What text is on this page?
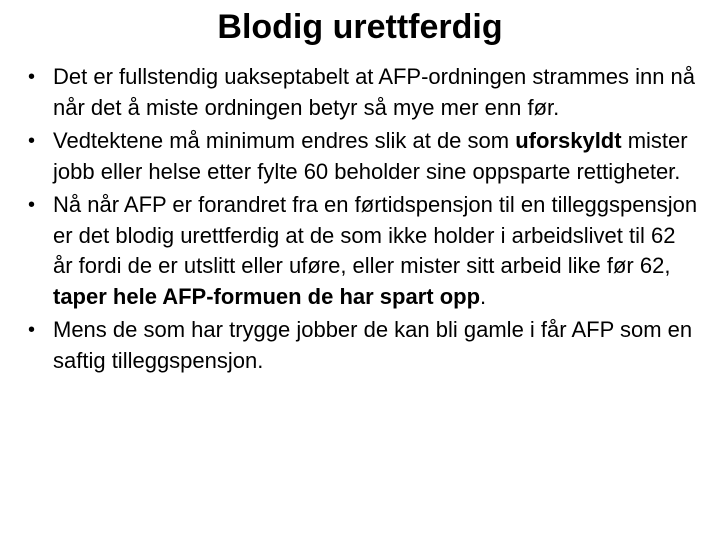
Blodig urettferdig
• Det er fullstendig uakseptabelt at AFP-ordningen strammes inn nå når det å miste ordningen betyr så mye mer enn før.
• Vedtektene må minimum endres slik at de som uforskyldt mister jobb eller helse etter fylte 60 beholder sine oppsparte rettigheter.
• Nå når AFP er forandret fra en førtidspensjon til en tilleggspensjon er det blodig urettferdig at de som ikke holder i arbeidslivet til 62 år fordi de er utslitt eller uføre, eller mister sitt arbeid like før 62, taper hele AFP-formuen de har spart opp.
• Mens de som har trygge jobber de kan bli gamle i får AFP som en saftig tilleggspensjon.
